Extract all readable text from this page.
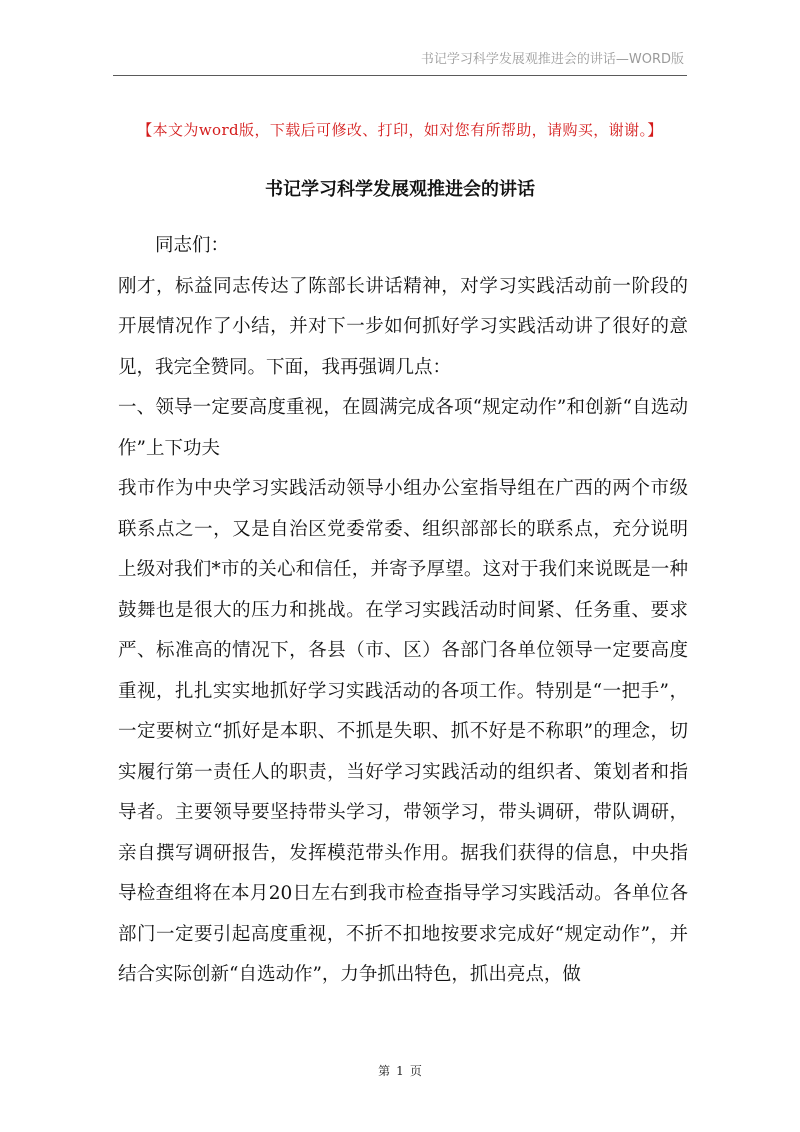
书记学习科学发展观推进会的讲话—WORD版
【本文为word版，下载后可修改、打印，如对您有所帮助，请购买，谢谢。】
书记学习科学发展观推进会的讲话

同志们：

刚才，标益同志传达了陈部长讲话精神，对学习实践活动前一阶段的开展情况作了小结，并对下一步如何抓好学习实践活动讲了很好的意见，我完全赞同。下面，我再强调几点：

一、领导一定要高度重视，在圆满完成各项“规定动作”和创新“自选动作”上下功夫

我市作为中央学习实践活动领导小组办公室指导组在广西的两个市级联系点之一，又是自治区党委常委、组织部部长的联系点，充分说明上级对我们*市的关心和信任，并寄予厚望。这对于我们来说既是一种鼓舞也是很大的压力和挑战。在学习实践活动时间紧、任务重、要求严、标准高的情况下，各县（市、区）各部门各单位领导一定要高度重视，扎扎实实地抓好学习实践活动的各项工作。特别是“一把手”，一定要树立“抓好是本职、不抓是失职、抓不好是不称职”的理念，切实履行第一责任人的职责，当好学习实践活动的组织者、策划者和指导者。主要领导要坚持带头学习，带领学习，带头调研，带队调研，亲自撰写调研报告，发挥模范带头作用。据我们获得的信息，中央指导检查组将在本月20日左右到我市检查指导学习实践活动。各单位各部门一定要引起高度重视，不折不扣地按要求完成好“规定动作”，并结合实际创新“自选动作”，力争抓出特色，抓出亮点，做

第 1 页
